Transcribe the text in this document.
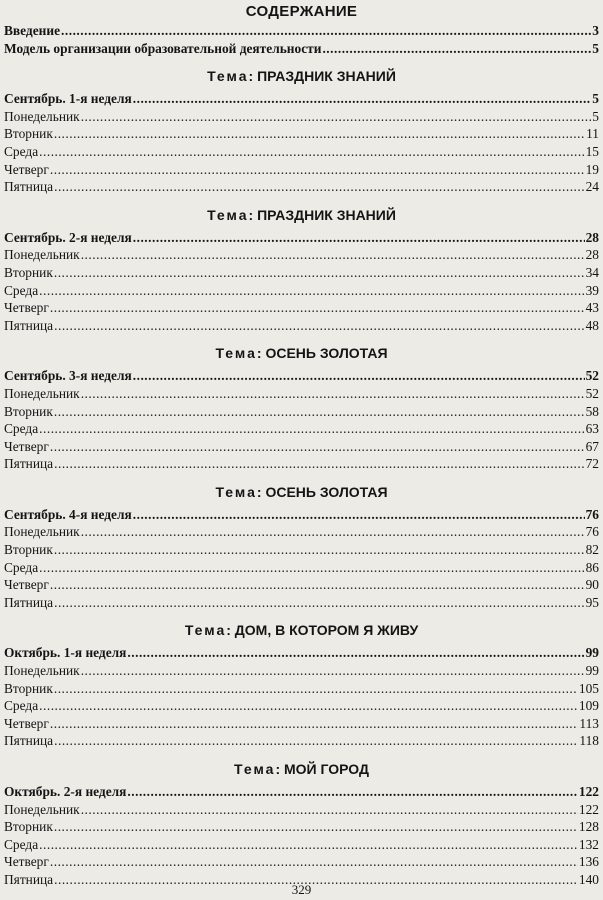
СОДЕРЖАНИЕ
Введение .....	3
Модель организации образовательной деятельности .....	5
Тема: ПРАЗДНИК ЗНАНИЙ
Сентябрь. 1-я неделя .....	5
Понедельник .....	5
Вторник .....	11
Среда .....	15
Четверг .....	19
Пятница .....	24
Тема: ПРАЗДНИК ЗНАНИЙ
Сентябрь. 2-я неделя .....	28
Понедельник .....	28
Вторник .....	34
Среда .....	39
Четверг .....	43
Пятница .....	48
Тема: ОСЕНЬ ЗОЛОТАЯ
Сентябрь. 3-я неделя .....	52
Понедельник .....	52
Вторник .....	58
Среда .....	63
Четверг .....	67
Пятница .....	72
Тема: ОСЕНЬ ЗОЛОТАЯ
Сентябрь. 4-я неделя .....	76
Понедельник .....	76
Вторник .....	82
Среда .....	86
Четверг .....	90
Пятница .....	95
Тема: ДОМ, В КОТОРОМ Я ЖИВУ
Октябрь. 1-я неделя .....	99
Понедельник .....	99
Вторник .....	105
Среда .....	109
Четверг .....	113
Пятница .....	118
Тема: МОЙ ГОРОД
Октябрь. 2-я неделя .....	122
Понедельник .....	122
Вторник .....	128
Среда .....	132
Четверг .....	136
Пятница .....	140
329
